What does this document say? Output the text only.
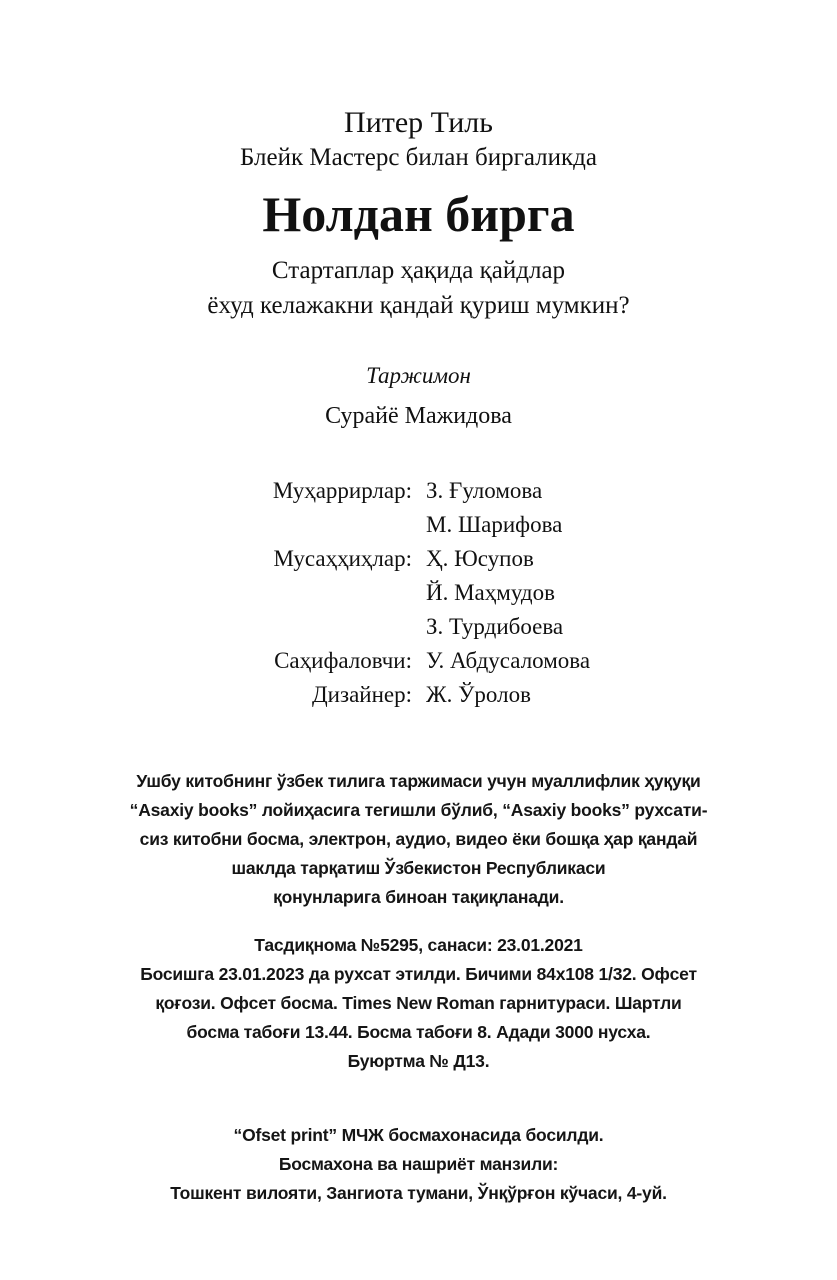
Питер Тиль
Блейк Мастерс билан биргаликда
Нолдан бирга
Стартаплар ҳақида қайдлар
ёхуд келажакни қандай қуриш мумкин?
Таржимон
Сурайё Мажидова
Муҳаррирлар: З. Ғуломова
М. Шарифова
Мусаҳҳиҳлар: Ҳ. Юсупов
Й. Маҳмудов
З. Турдибоева
Саҳифаловчи: У. Абдусаломова
Дизайнер: Ж. Ўролов
Ушбу китобнинг ўзбек тилига таржимаси учун муаллифлик ҳуқуқи
“Asaxiy books” лойиҳасига тегишли бўлиб, “Asaxiy books” рухсати-
сиз китобни босма, электрон, аудио, видео ёки бошқа ҳар қандай
шаклда тарқатиш Ўзбекистон Республикаси
қонунларига биноан тақиқланади.
Тасдиқнома №5295, санаси: 23.01.2021
Босишга 23.01.2023 да рухсат этилди. Бичими 84х108 1/32. Офсет
қоғози. Офсет босма. Times New Roman гарнитураси. Шартли
босма табоғи 13.44. Босма табоғи 8. Адади 3000 нусха.
Буюртма № Д13.
“Ofset print” МЧЖ босмахонасида босилди.
Босмахона ва нашриёт манзили:
Тошкент вилояти, Зангиота тумани, Ўнқўрғон кўчаси, 4-уй.
